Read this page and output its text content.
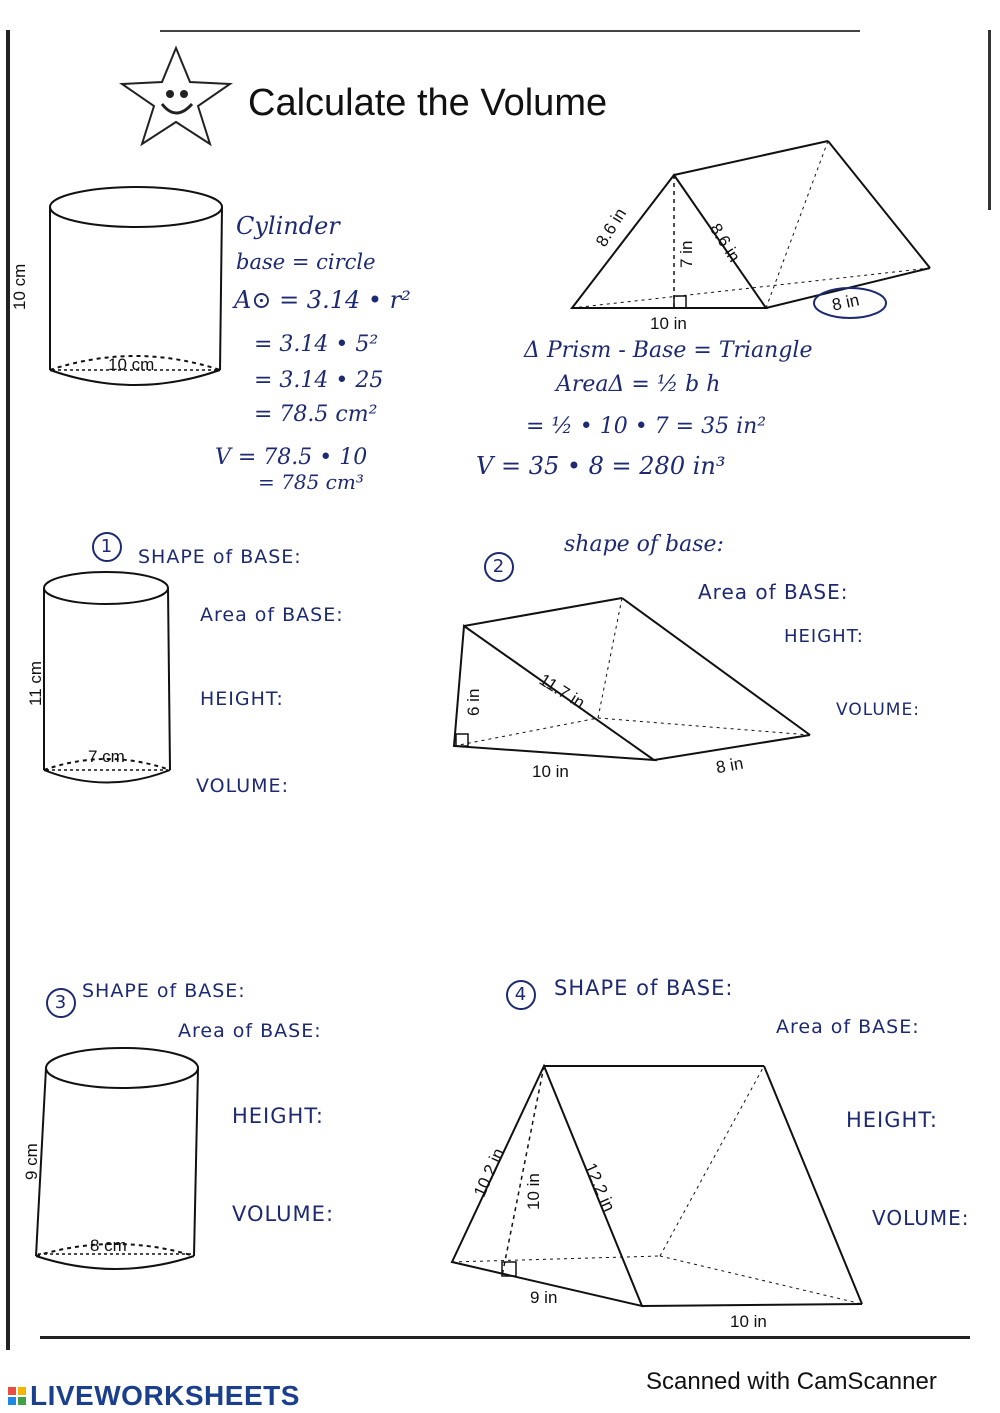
Calculate the Volume
10 cm
10 cm
Cylinder
base = circle
A⊙ = 3.14 • r²
= 3.14 • 5²
= 3.14 • 25
= 78.5 cm²
V = 78.5 • 10
= 785 cm³
8.6 in
7 in 8.6 in
10 in
8 in
Δ Prism - Base = Triangle
AreaΔ = ½ b h
= ½ • 10 • 7 = 35 in²
V = 35 • 8 = 280 in³
1	SHAPE of BASE:
Area of BASE:
HEIGHT:
VOLUME:
11 cm
7 cm
2
shape of base:
Area of BASE:
HEIGHT:
VOLUME:
6 in	11.7 in
10 in	8 in
3
SHAPE of BASE:
Area of BASE:
HEIGHT:
VOLUME:
9 cm
8 cm
4	SHAPE of BASE:
Area of BASE:
HEIGHT:
VOLUME:
10.2 in 10 in 12.2 in
9 in
10 in
LIVEWORKSHEETS	Scanned with CamScanner
